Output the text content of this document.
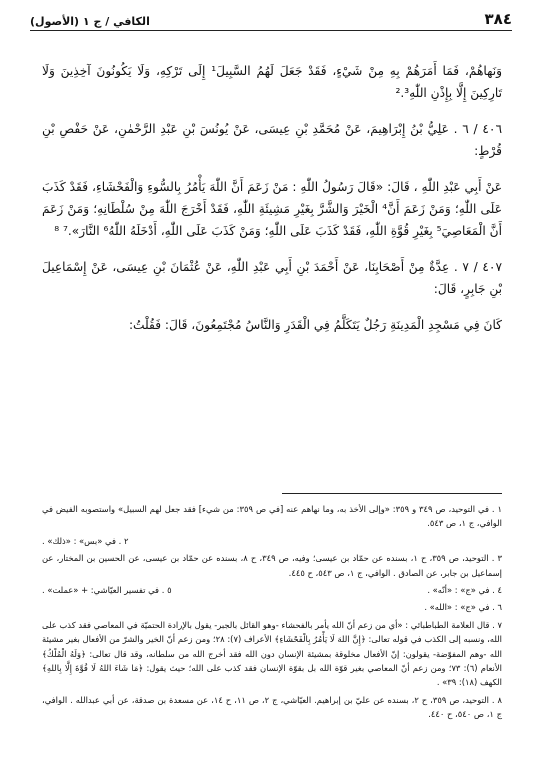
٣٨٤
الكافي / ج ١ (الأصول)

وَنَهاهُمْ، فَمَا أَمَرَهُمْ بِهِ مِنْ شَيْءٍ، فَقَدْ جَعَلَ لَهُمُ السَّبِيلَ¹ إِلَى تَرْكِهِ، وَلَا يَكُونُونَ آخِذِينَ وَلَا تَارِكِينَ إِلَّا بِإِذْنِ اللّٰهِ².³

٤٠٦ / ٦ . عَلِيُّ بْنُ إِبْرَاهِيمَ، عَنْ مُحَمَّدِ بْنِ عِيسَى، عَنْ يُونُسَ بْنِ عَبْدِ الرَّحْمٰنِ، عَنْ حَفْصِ بْنِ قُرْطٍ:

عَنْ أَبِي عَبْدِ اللّٰهِ ، قَالَ: «قَالَ رَسُولُ اللّٰهِ : مَنْ زَعَمَ أَنَّ اللّٰهَ يَأْمُرُ بِالسُّوءِ وَالْفَحْشَاءِ، فَقَدْ كَذَبَ عَلَى اللّٰهِ؛ وَمَنْ زَعَمَ أَنَّ⁴ الْخَيْرَ وَالشَّرَّ بِغَيْرِ مَشِيئَةِ اللّٰهِ، فَقَدْ أَخْرَجَ اللّٰهَ مِنْ سُلْطَانِهِ؛ وَمَنْ زَعَمَ أَنَّ الْمَعَاصِيَ⁵ بِغَيْرِ قُوَّةِ اللّٰهِ، فَقَدْ كَذَبَ عَلَى اللّٰهِ؛ وَمَنْ كَذَبَ عَلَى اللّٰهِ، أَدْخَلَهُ اللّٰهُ⁶ النَّارَ».⁷ ⁸

٤٠٧ / ٧ . عِدَّةٌ مِنْ أَصْحَابِنَا، عَنْ أَحْمَدَ بْنِ أَبِي عَبْدِ اللّٰهِ، عَنْ عُثْمَانَ بْنِ عِيسَى، عَنْ إِسْمَاعِيلَ بْنِ جَابِرٍ، قَالَ:

كَانَ فِي مَسْجِدِ الْمَدِينَةِ رَجُلٌ يَتَكَلَّمُ فِي الْقَدَرِ وَالنَّاسُ مُجْتَمِعُونَ، قَالَ: فَقُلْتُ:

١ . في التوحيد، ص ٣٤٩ و ٣٥٩: «وإلى الأخذ به، وما نهاهم عنه [في ص ٣٥٩: من شيء] فقد جعل لهم السبيل» واستصوبه الفيض في الوافي، ج ١، ص ٥٤٣.

٢ . في «بس» : «ذلك» .

٣ . التوحيد، ص ٣٥٩، ح ١، بسنده عن حمّاد بن عيسى؛ وفيه، ص ٣٤٩، ح ٨، بسنده عن حمّاد بن عيسى، عن الحسين بن المختار، عن إسماعيل بن جابر، عن الصادق . الوافي، ج ١، ص ٥٤٣، ح ٤٤٥.

٤ . في «ج» : «أنّه» .

٥ . في تفسير العيّاشي: + «عملت» .

٦ . في «ج» : «الله» .

٧ . قال العلامة الطباطبائي : «أي من زعم أنّ الله يأمر بالفحشاء -وهو القائل بالجبر- يقول بالإرادة الحتميّة في المعاصي فقد كذب على الله، ونسبه إلى الكذب في قوله تعالى: ﴿إِنَّ اللهَ لَا يَأْمُرُ بِالْفَحْشَاءِ﴾ الأعراف (٧): ٢٨؛ ومن زعم أنّ الخير والشرّ من الأفعال بغير مشيئة الله -وهم المفوّضة- يقولون: إنّ الأفعال مخلوقة بمشيئة الإنسان دون الله فقد أخرج الله من سلطانه، وقد قال تعالى: ﴿وَلَهُ الْمُلْكُ﴾ الأنعام (٦): ٧٣؛ ومن زعم أنّ المعاصي بغير قوّة الله بل بقوّة الإنسان فقد كذب على الله؛ حيث يقول: ﴿مَا شَاءَ اللهُ لَا قُوَّةَ إِلَّا بِاللهِ﴾ الكهف (١٨): ٣٩» .

٨ . التوحيد، ص ٣٥٩، ح ٢، بسنده عن عليّ بن إبراهيم. العيّاشي، ج ٢، ص ١١، ح ١٤، عن مسعدة بن صدقة، عن أبي عبدالله . الوافي، ج ١، ص ٥٤٠، ح ٤٤٠.
